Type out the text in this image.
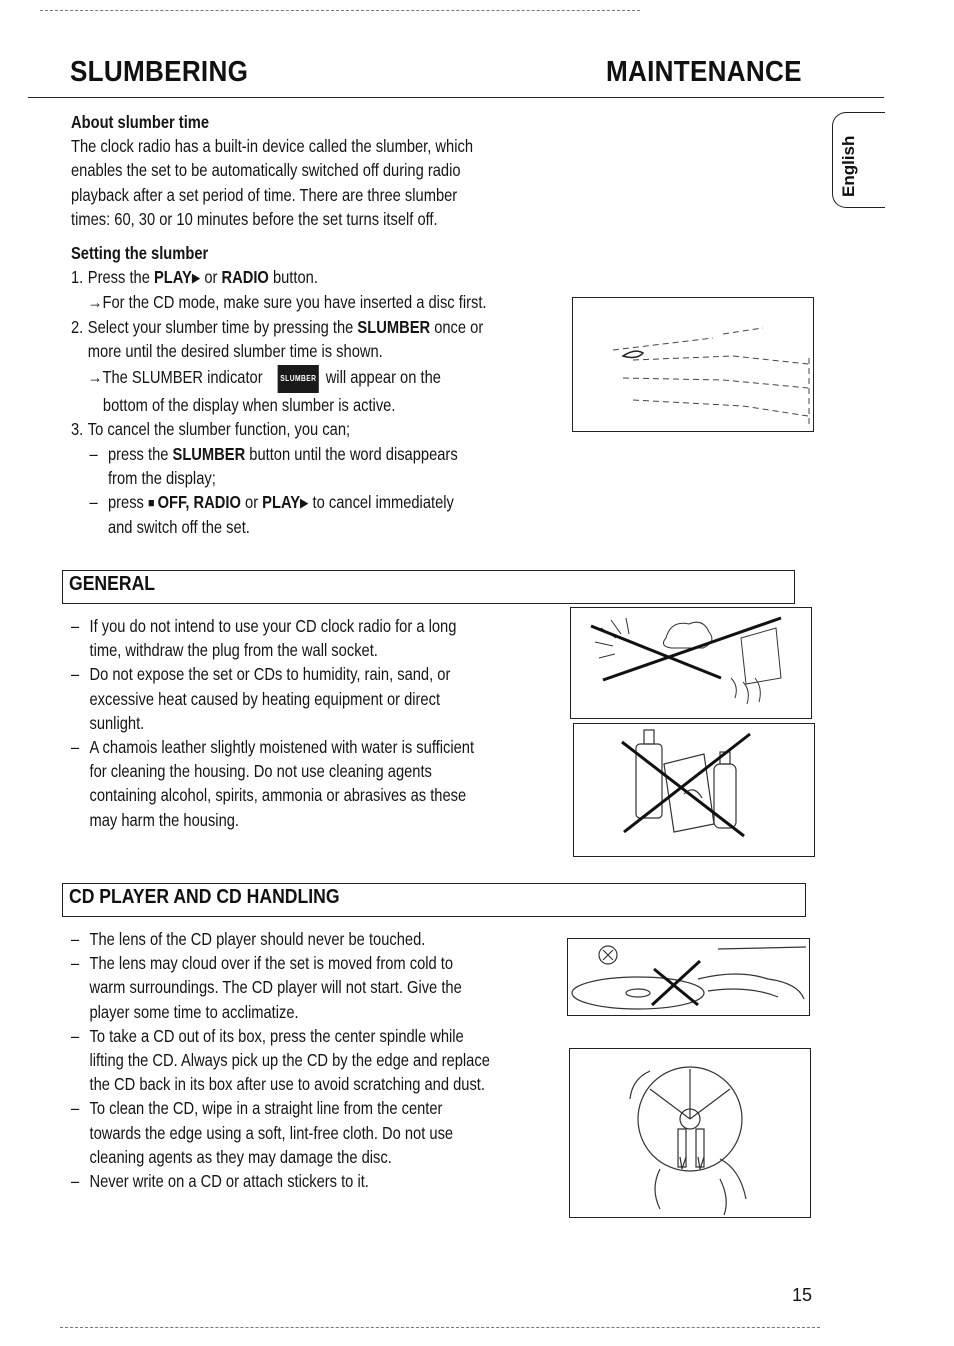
SLUMBERING	MAINTENANCE
English
About slumber time
The clock radio has a built-in device called the slumber, which
enables the set to be automatically switched off during radio
playback after a set period of time. There are three slumber
times: 60, 30 or 10 minutes before the set turns itself off.
Setting the slumber
1. Press the PLAY▶ or RADIO button.
→For the CD mode, make sure you have inserted a disc first.
2. Select your slumber time by pressing the SLUMBER once or
more until the desired slumber time is shown.
→The SLUMBER indicator SLUMBER will appear on the
bottom of the display when slumber is active.
3. To cancel the slumber function, you can;
– press the SLUMBER button until the word disappears
from the display;
– press ■ OFF, RADIO or PLAY▶ to cancel immediately
and switch off the set.
GENERAL
– If you do not intend to use your CD clock radio for a long
time, withdraw the plug from the wall socket.
– Do not expose the set or CDs to humidity, rain, sand, or
excessive heat caused by heating equipment or direct
sunlight.
– A chamois leather slightly moistened with water is sufficient
for cleaning the housing. Do not use cleaning agents
containing alcohol, spirits, ammonia or abrasives as these
may harm the housing.
CD PLAYER AND CD HANDLING
– The lens of the CD player should never be touched.
– The lens may cloud over if the set is moved from cold to
warm surroundings. The CD player will not start. Give the
player some time to acclimatize.
– To take a CD out of its box, press the center spindle while
lifting the CD. Always pick up the CD by the edge and replace
the CD back in its box after use to avoid scratching and dust.
– To clean the CD, wipe in a straight line from the center
towards the edge using a soft, lint-free cloth. Do not use
cleaning agents as they may damage the disc.
– Never write on a CD or attach stickers to it.
15
